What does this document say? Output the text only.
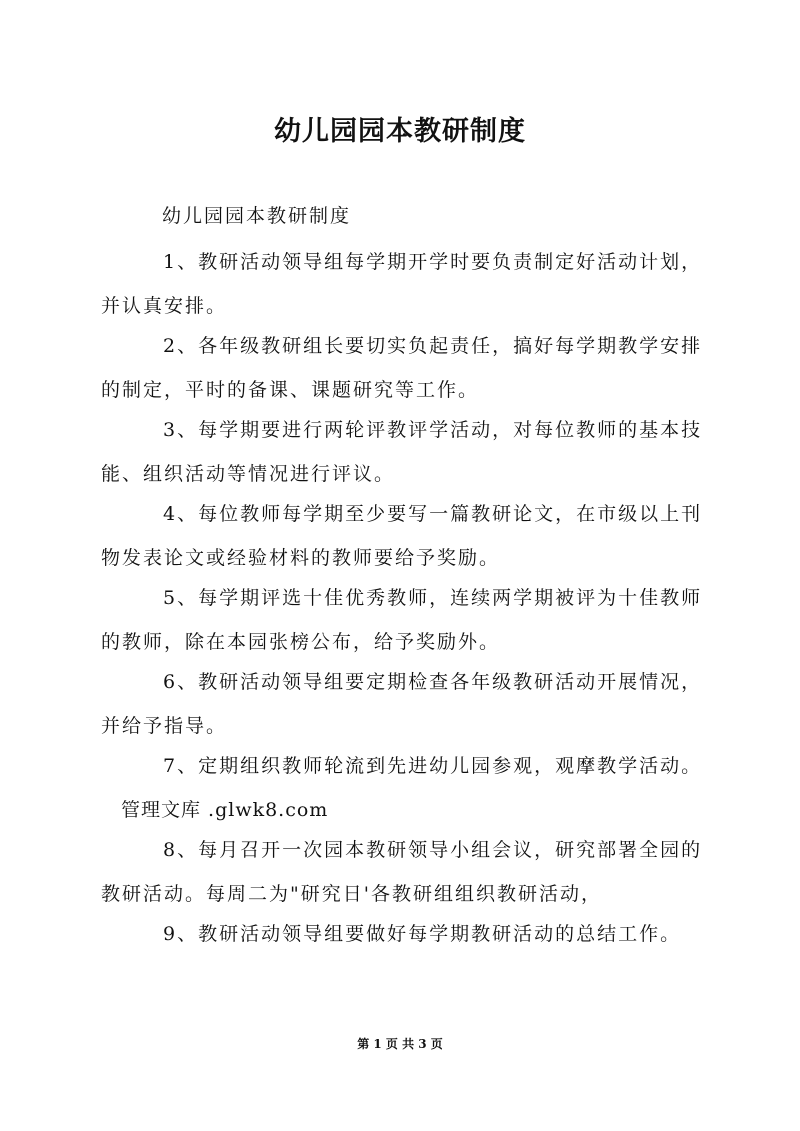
幼儿园园本教研制度
幼儿园园本教研制度
1、教研活动领导组每学期开学时要负责制定好活动计划，
并认真安排。
2、各年级教研组长要切实负起责任，搞好每学期教学安排
的制定，平时的备课、课题研究等工作。
3、每学期要进行两轮评教评学活动，对每位教师的基本技
能、组织活动等情况进行评议。
4、每位教师每学期至少要写一篇教研论文，在市级以上刊
物发表论文或经验材料的教师要给予奖励。
5、每学期评选十佳优秀教师，连续两学期被评为十佳教师
的教师，除在本园张榜公布，给予奖励外。
6、教研活动领导组要定期检查各年级教研活动开展情况，
并给予指导。
7、定期组织教师轮流到先进幼儿园参观，观摩教学活动。
管理文库 .glwk8.com
8、每月召开一次园本教研领导小组会议，研究部署全园的
教研活动。每周二为"研究日'各教研组组织教研活动，
9、教研活动领导组要做好每学期教研活动的总结工作。
第 1 页 共 3 页
